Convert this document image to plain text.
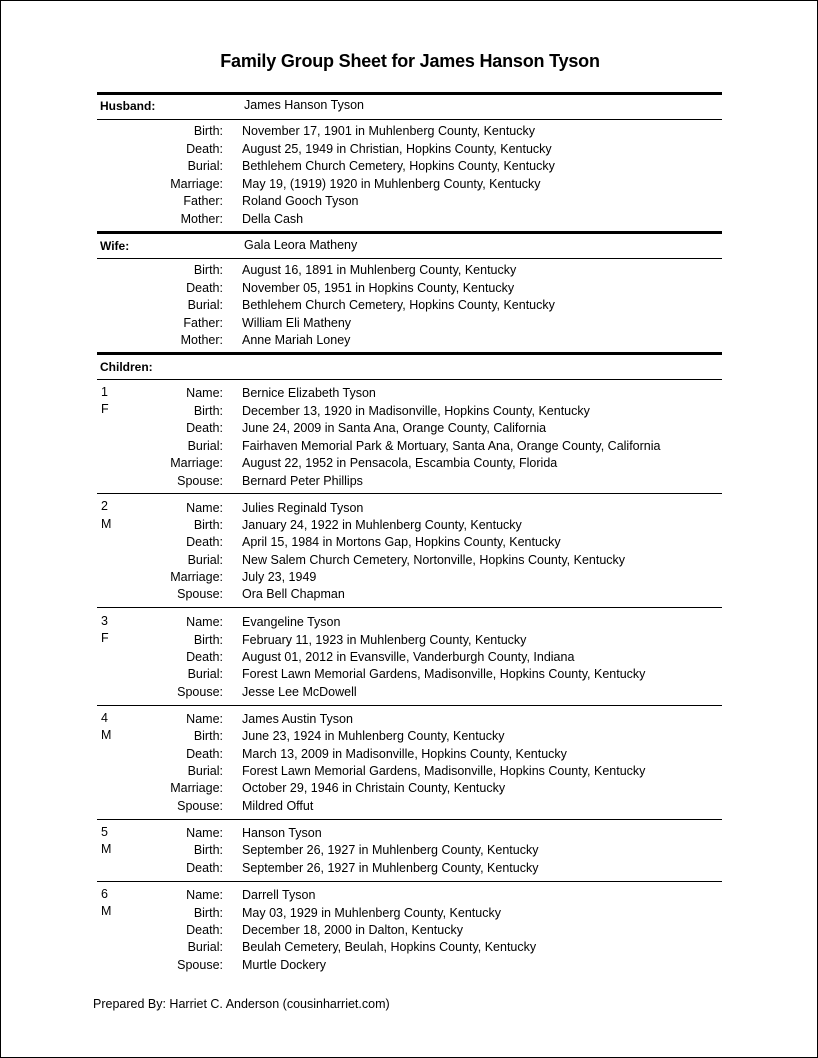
Family Group Sheet for James Hanson Tyson
Husband:	James Hanson Tyson
Birth: November 17, 1901 in Muhlenberg County, Kentucky
Death: August 25, 1949 in Christian, Hopkins County, Kentucky
Burial: Bethlehem Church Cemetery, Hopkins County, Kentucky
Marriage: May 19, (1919) 1920 in Muhlenberg County, Kentucky
Father: Roland Gooch Tyson
Mother: Della Cash
Wife:	Gala Leora Matheny
Birth: August 16, 1891 in Muhlenberg County, Kentucky
Death: November 05, 1951 in Hopkins County, Kentucky
Burial: Bethlehem Church Cemetery, Hopkins County, Kentucky
Father: William Eli Matheny
Mother: Anne Mariah Loney
Children:
1
F
Name: Bernice Elizabeth Tyson
Birth: December 13, 1920 in Madisonville, Hopkins County, Kentucky
Death: June 24, 2009 in Santa Ana, Orange County, California
Burial: Fairhaven Memorial Park & Mortuary, Santa Ana, Orange County, California
Marriage: August 22, 1952 in Pensacola, Escambia County, Florida
Spouse: Bernard Peter Phillips
2
M
Name: Julies Reginald Tyson
Birth: January 24, 1922 in Muhlenberg County, Kentucky
Death: April 15, 1984 in Mortons Gap, Hopkins County, Kentucky
Burial: New Salem Church Cemetery, Nortonville, Hopkins County, Kentucky
Marriage: July 23, 1949
Spouse: Ora Bell Chapman
3
F
Name: Evangeline Tyson
Birth: February 11, 1923 in Muhlenberg County, Kentucky
Death: August 01, 2012 in Evansville, Vanderburgh County, Indiana
Burial: Forest Lawn Memorial Gardens, Madisonville, Hopkins County, Kentucky
Spouse: Jesse Lee McDowell
4
M
Name: James Austin Tyson
Birth: June 23, 1924 in Muhlenberg County, Kentucky
Death: March 13, 2009 in Madisonville, Hopkins County, Kentucky
Burial: Forest Lawn Memorial Gardens, Madisonville, Hopkins County, Kentucky
Marriage: October 29, 1946 in Christain County, Kentucky
Spouse: Mildred Offut
5
M
Name: Hanson Tyson
Birth: September 26, 1927 in Muhlenberg County, Kentucky
Death: September 26, 1927 in Muhlenberg County, Kentucky
6
M
Name: Darrell Tyson
Birth: May 03, 1929 in Muhlenberg County, Kentucky
Death: December 18, 2000 in Dalton, Kentucky
Burial: Beulah Cemetery, Beulah, Hopkins County, Kentucky
Spouse: Murtle Dockery
Prepared By: Harriet C. Anderson (cousinharriet.com)
